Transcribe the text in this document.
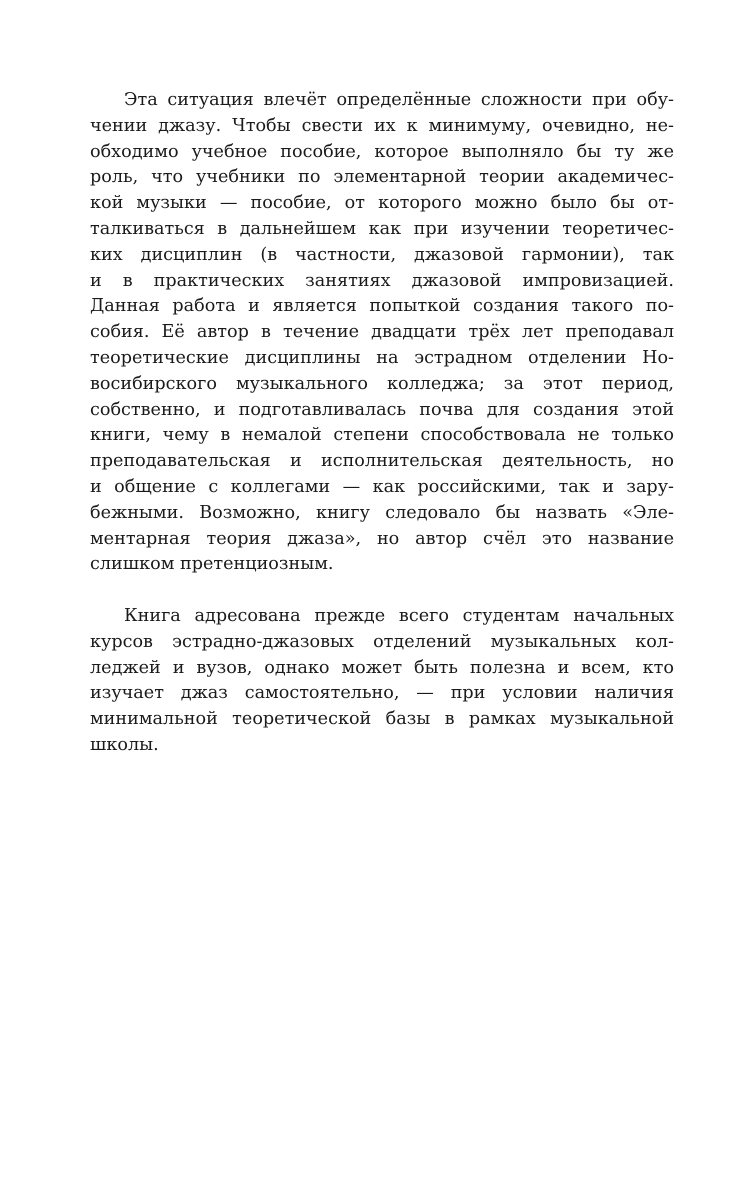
Эта ситуация влечёт определённые сложности при обу-
чении джазу. Чтобы свести их к минимуму, очевидно, не-
обходимо учебное пособие, которое выполняло бы ту же
роль, что учебники по элементарной теории академичес-
кой музыки — пособие, от которого можно было бы от-
талкиваться в дальнейшем как при изучении теоретичес-
ких дисциплин (в частности, джазовой гармонии), так
и в практических занятиях джазовой импровизацией.
Данная работа и является попыткой создания такого по-
собия. Её автор в течение двадцати трёх лет преподавал
теоретические дисциплины на эстрадном отделении Но-
восибирского музыкального колледжа; за этот период,
собственно, и подготавливалась почва для создания этой
книги, чему в немалой степени способствовала не только
преподавательская и исполнительская деятельность, но
и общение с коллегами — как российскими, так и зару-
бежными. Возможно, книгу следовало бы назвать «Эле-
ментарная теория джаза», но автор счёл это название
слишком претенциозным.
Книга адресована прежде всего студентам начальных
курсов эстрадно-джазовых отделений музыкальных кол-
леджей и вузов, однако может быть полезна и всем, кто
изучает джаз самостоятельно, — при условии наличия
минимальной теоретической базы в рамках музыкальной
школы.
